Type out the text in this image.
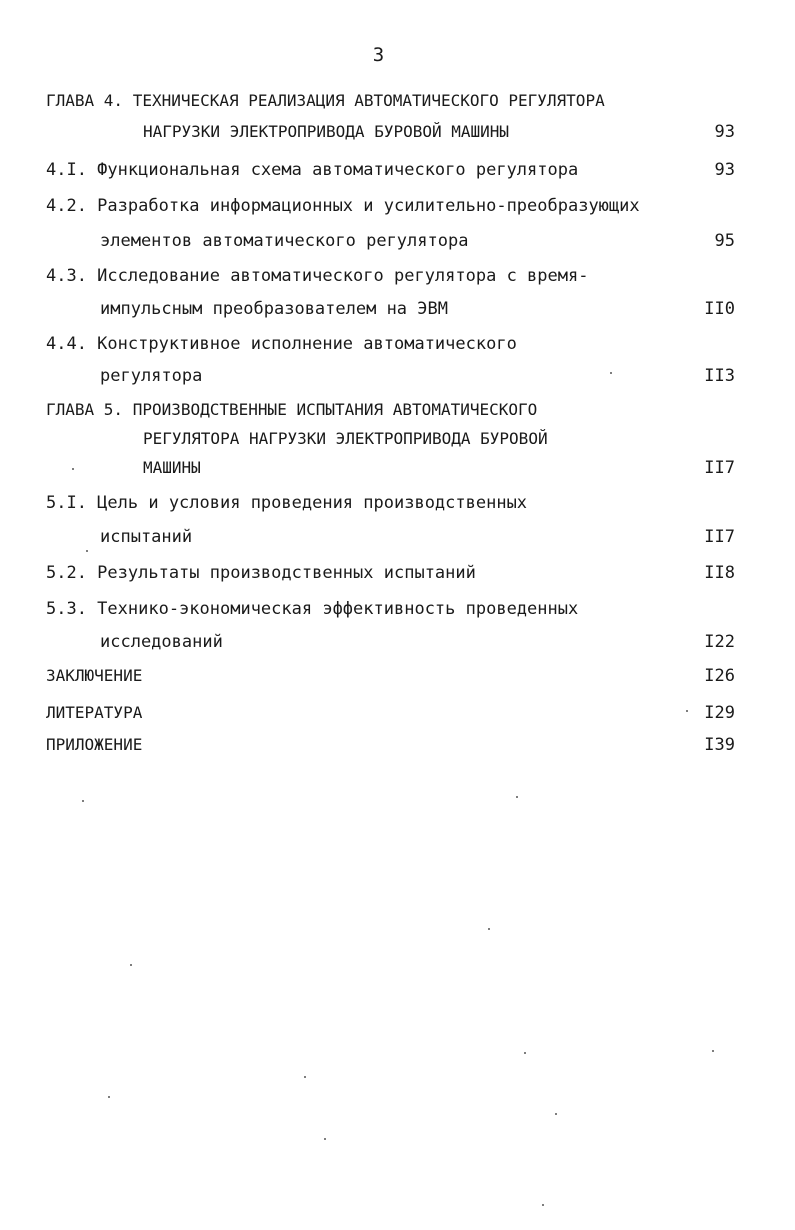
3
ГЛАВА 4. ТЕХНИЧЕСКАЯ РЕАЛИЗАЦИЯ АВТОМАТИЧЕСКОГО РЕГУЛЯТОРА
НАГРУЗКИ ЭЛЕКТРОПРИВОДА БУРОВОЙ МАШИНЫ	93
4.I. Функциональная схема автоматического регулятора	93
4.2. Разработка информационных и усилительно-преобразующих
элементов автоматического регулятора	95
4.3. Исследование автоматического регулятора с время-
импульсным преобразователем на ЭВМ	II0
4.4. Конструктивное исполнение автоматического
регулятора	II3
ГЛАВА 5. ПРОИЗВОДСТВЕННЫЕ ИСПЫТАНИЯ АВТОМАТИЧЕСКОГО
РЕГУЛЯТОРА НАГРУЗКИ ЭЛЕКТРОПРИВОДА БУРОВОЙ
МАШИНЫ	II7
5.I. Цель и условия проведения производственных
испытаний	II7
5.2. Результаты производственных испытаний	II8
5.3. Технико-экономическая эффективность проведенных
исследований	I22
ЗАКЛЮЧЕНИЕ	I26
ЛИТЕРАТУРА	I29
ПРИЛОЖЕНИЕ	I39
